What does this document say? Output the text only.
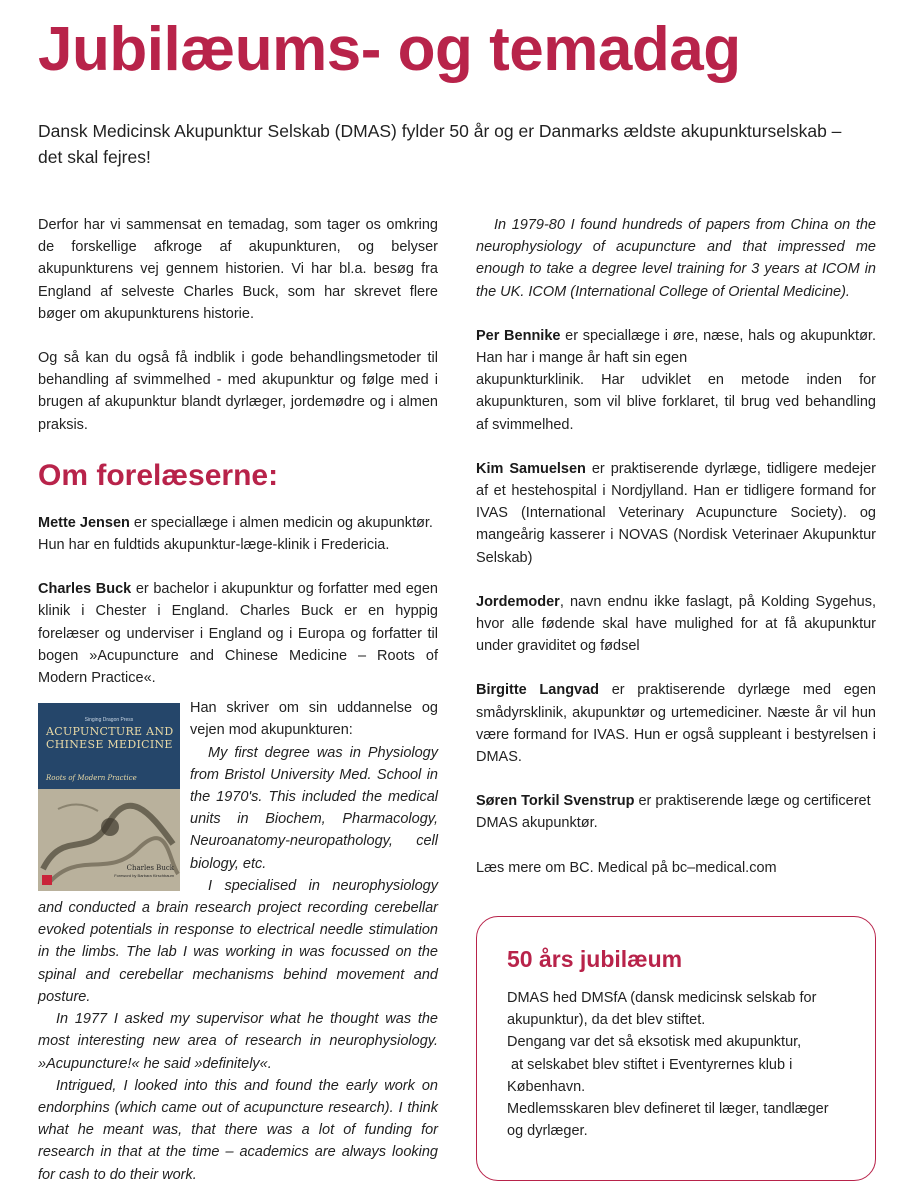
Jubilæums- og temadag
Dansk Medicinsk Akupunktur Selskab (DMAS) fylder 50 år og er Danmarks ældste akupunkturselskab – det skal fejres!

Derfor har vi sammensat en temadag, som tager os omkring de forskellige afkroge af akupunkturen, og belyser akupunkturens vej gennem historien. Vi har bl.a. besøg fra England af selveste Charles Buck, som har skrevet flere bøger om akupunkturens historie.

Og så kan du også få indblik i gode behandlingsmetoder til behandling af svimmelhed - med akupunktur og følge med i brugen af akupunktur blandt dyrlæger, jordemødre og i almen praksis.

Om forelæserne:

Mette Jensen er speciallæge i almen medicin og akupunktør. Hun har en fuldtids akupunktur-læge-klinik i Fredericia.

Charles Buck er bachelor i akupunktur og forfatter med egen klinik i Chester i England. Charles Buck er en hyppig forelæser og underviser i England og i Europa og forfatter til bogen »Acupuncture and Chinese Medicine – Roots of Modern Practice«.

Singing Dragon Press
ACUPUNCTURE AND CHINESE MEDICINE
Roots of Modern Practice
Charles Buck
Foreword by Barbara Kirschbaum
Han skriver om sin uddannelse og vejen mod akupunkturen:
My first degree was in Physiology from Bristol University Med. School in the 1970's. This included the medical units in Biochem, Pharmacology, Neuroanatomy-neuropathology, cell biology, etc.
I specialised in neurophysiology and conducted a brain research project recording cerebellar evoked potentials in response to electrical needle stimulation in the limbs. The lab I was working in was focussed on the spinal and cerebellar mechanisms behind movement and posture.
In 1977 I asked my supervisor what he thought was the most interesting new area of research in neurophysiology. »Acupuncture!« he said »definitely«.
Intrigued, I looked into this and found the early work on endorphins (which came out of acupuncture research). I think what he meant was, that there was a lot of funding for research in that at the time – academics are always looking for cash to do their work.

In 1979-80 I found hundreds of papers from China on the neurophysiology of acupuncture and that impressed me enough to take a degree level training for 3 years at ICOM in the UK. ICOM (International College of Oriental Medicine).

Per Bennike er speciallæge i øre, næse, hals og akupunktør. Han har i mange år haft sin egen
akupunkturklinik. Har udviklet en metode inden for akupunkturen, som vil blive forklaret, til brug ved behandling af svimmelhed.

Kim Samuelsen er praktiserende dyrlæge, tidligere medejer af et hestehospital i Nordjylland. Han er tidligere formand for IVAS (International Veterinary Acupuncture Society). og mangeårig kasserer i NOVAS (Nordisk Veterinaer Akupunktur Selskab)

Jordemoder, navn endnu ikke faslagt, på Kolding Sygehus, hvor alle fødende skal have mulighed for at få akupunktur under graviditet og fødsel

Birgitte Langvad er praktiserende dyrlæge med egen smådyrsklinik, akupunktør og urtemediciner. Næste år vil hun være formand for IVAS. Hun er også suppleant i bestyrelsen i DMAS.

Søren Torkil Svenstrup er praktiserende læge og certificeret DMAS akupunktør.

Læs mere om BC. Medical på bc–medical.com

50 års jubilæum
DMAS hed DMSfA (dansk medicinsk selskab for
akupunktur), da det blev stiftet.
Dengang var det så eksotisk med akupunktur,
at selskabet blev stiftet i Eventyrernes klub i
København.
Medlemsskaren blev defineret til læger, tandlæger
og dyrlæger.
